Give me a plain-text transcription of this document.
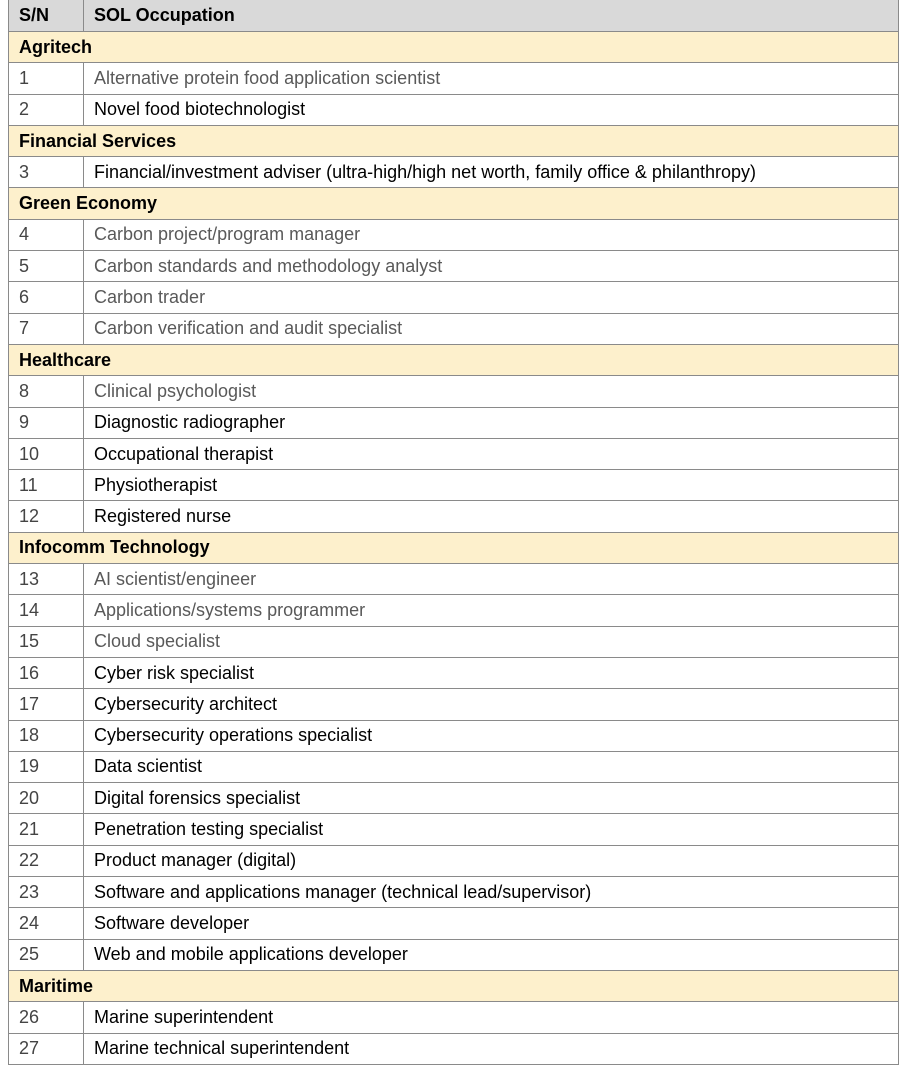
S/N	SOL Occupation
Agritech	
1	Alternative protein food application scientist
2	Novel food biotechnologist
Financial Services	
3	Financial/investment adviser (ultra-high/high net worth, family office & philanthropy)
Green Economy	
4	Carbon project/program manager
5	Carbon standards and methodology analyst
6	Carbon trader
7	Carbon verification and audit specialist
Healthcare	
8	Clinical psychologist
9	Diagnostic radiographer
10	Occupational therapist
11	Physiotherapist
12	Registered nurse
Infocomm Technology	
13	AI scientist/engineer
14	Applications/systems programmer
15	Cloud specialist
16	Cyber risk specialist
17	Cybersecurity architect
18	Cybersecurity operations specialist
19	Data scientist
20	Digital forensics specialist
21	Penetration testing specialist
22	Product manager (digital)
23	Software and applications manager (technical lead/supervisor)
24	Software developer
25	Web and mobile applications developer
Maritime	
26	Marine superintendent
27	Marine technical superintendent
